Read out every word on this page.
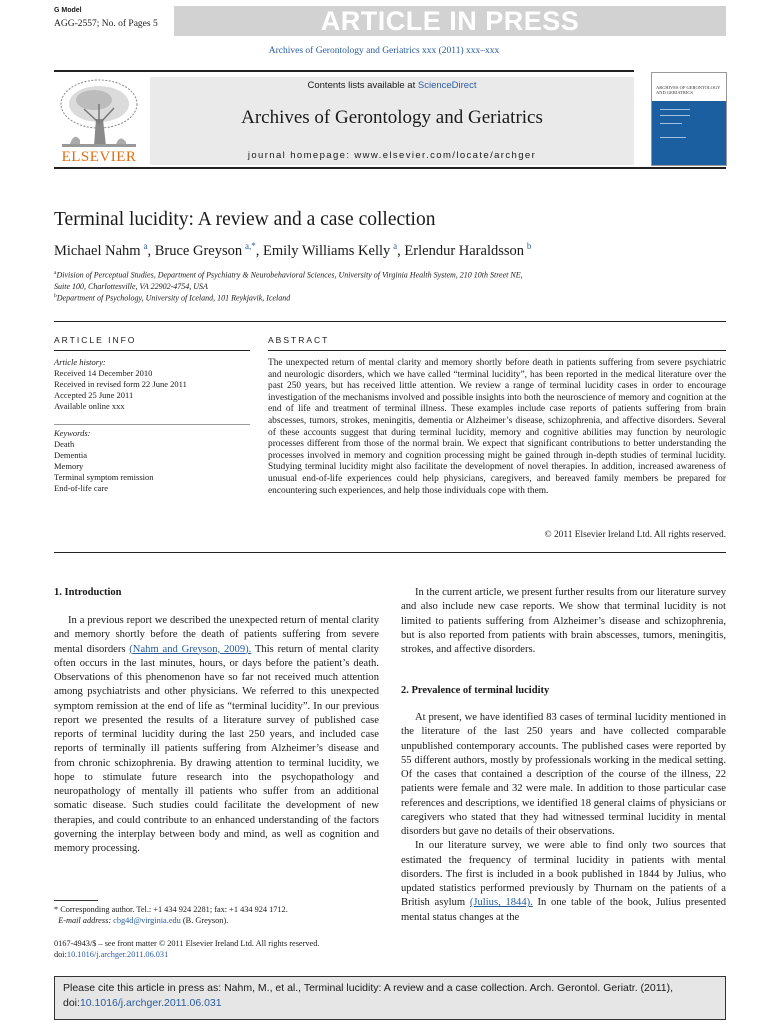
G Model
AGG-2557; No. of Pages 5	ARTICLE IN PRESS
Archives of Gerontology and Geriatrics xxx (2011) xxx–xxx
ELSEVIER
Contents lists available at ScienceDirect
Archives of Gerontology and Geriatrics
journal homepage: www.elsevier.com/locate/archger
ARCHIVES OF GERONTOLOGY AND GERIATRICS
Terminal lucidity: A review and a case collection
Michael Nahm  $^a$, Bruce Greyson  $^{a,*}$, Emily Williams Kelly  $^a$, Erlendur Haraldsson  $^b$
$^a$Division of Perceptual Studies, Department of Psychiatry & Neurobehavioral Sciences, University of Virginia Health System, 210 10th Street NE,
Suite 100, Charlottesville, VA 22902-4754, USA
$^b$Department of Psychology, University of Iceland, 101 Reykjavik, Iceland
ARTICLE INFO	ABSTRACT
Article history:
Received 14 December 2010
Received in revised form 22 June 2011
Accepted 25 June 2011
Available online xxx
Keywords:
Death
Dementia
Memory
Terminal symptom remission
End-of-life care
The unexpected return of mental clarity and memory shortly before death in patients suffering from severe psychiatric and neurologic disorders, which we have called “terminal lucidity”, has been reported in the medical literature over the past 250 years, but has received little attention. We review a range of terminal lucidity cases in order to encourage investigation of the mechanisms involved and possible insights into both the neuroscience of memory and cognition at the end of life and treatment of terminal illness. These examples include case reports of patients suffering from brain abscesses, tumors, strokes, meningitis, dementia or Alzheimer’s disease, schizophrenia, and affective disorders. Several of these accounts suggest that during terminal lucidity, memory and cognitive abilities may function by neurologic processes different from those of the normal brain. We expect that significant contributions to better understanding the processes involved in memory and cognition processing might be gained through in-depth studies of terminal lucidity. Studying terminal lucidity might also facilitate the development of novel therapies. In addition, increased awareness of unusual end-of-life experiences could help physicians, caregivers, and bereaved family members be prepared for encountering such experiences, and help those individuals cope with them.
© 2011 Elsevier Ireland Ltd. All rights reserved.
1. Introduction

In a previous report we described the unexpected return of mental clarity and memory shortly before the death of patients suffering from severe mental disorders (Nahm and Greyson, 2009). This return of mental clarity often occurs in the last minutes, hours, or days before the patient’s death. Observations of this phenomenon have so far not received much attention among psychiatrists and other physicians. We referred to this unexpected symptom remission at the end of life as “terminal lucidity”. In our previous report we presented the results of a literature survey of published case reports of terminal lucidity during the last 250 years, and included case reports of terminally ill patients suffering from Alzheimer’s disease and from chronic schizophrenia. By drawing attention to terminal lucidity, we hope to stimulate future research into the psychopathology and neuropathology of mentally ill patients who suffer from an additional somatic disease. Such studies could facilitate the development of new therapies, and could contribute to an enhanced understanding of the factors governing the interplay between body and mind, as well as cognition and memory processing.

In the current article, we present further results from our literature survey and also include new case reports. We show that terminal lucidity is not limited to patients suffering from Alzheimer’s disease and schizophrenia, but is also reported from patients with brain abscesses, tumors, meningitis, strokes, and affective disorders.

2. Prevalence of terminal lucidity

At present, we have identified 83 cases of terminal lucidity mentioned in the literature of the last 250 years and have collected comparable unpublished contemporary accounts. The published cases were reported by 55 different authors, mostly by professionals working in the medical setting. Of the cases that contained a description of the course of the illness, 22 patients were female and 32 were male. In addition to those particular case references and descriptions, we identified 18 general claims of physicians or caregivers who stated that they had witnessed terminal lucidity in mental disorders but gave no details of their observations.

In our literature survey, we were able to find only two sources that estimated the frequency of terminal lucidity in patients with mental disorders. The first is included in a book published in 1844 by Julius, who updated statistics performed previously by Thurnam on the patients of a British asylum (Julius, 1844). In one table of the book, Julius presented mental status changes at the

* Corresponding author. Tel.: +1 434 924 2281; fax: +1 434 924 1712.
E-mail address: cbg4d@virginia.edu (B. Greyson).
0167-4943/$ – see front matter © 2011 Elsevier Ireland Ltd. All rights reserved.
doi:10.1016/j.archger.2011.06.031
Please cite this article in press as: Nahm, M., et al., Terminal lucidity: A review and a case collection. Arch. Gerontol. Geriatr. (2011),
doi:10.1016/j.archger.2011.06.031
